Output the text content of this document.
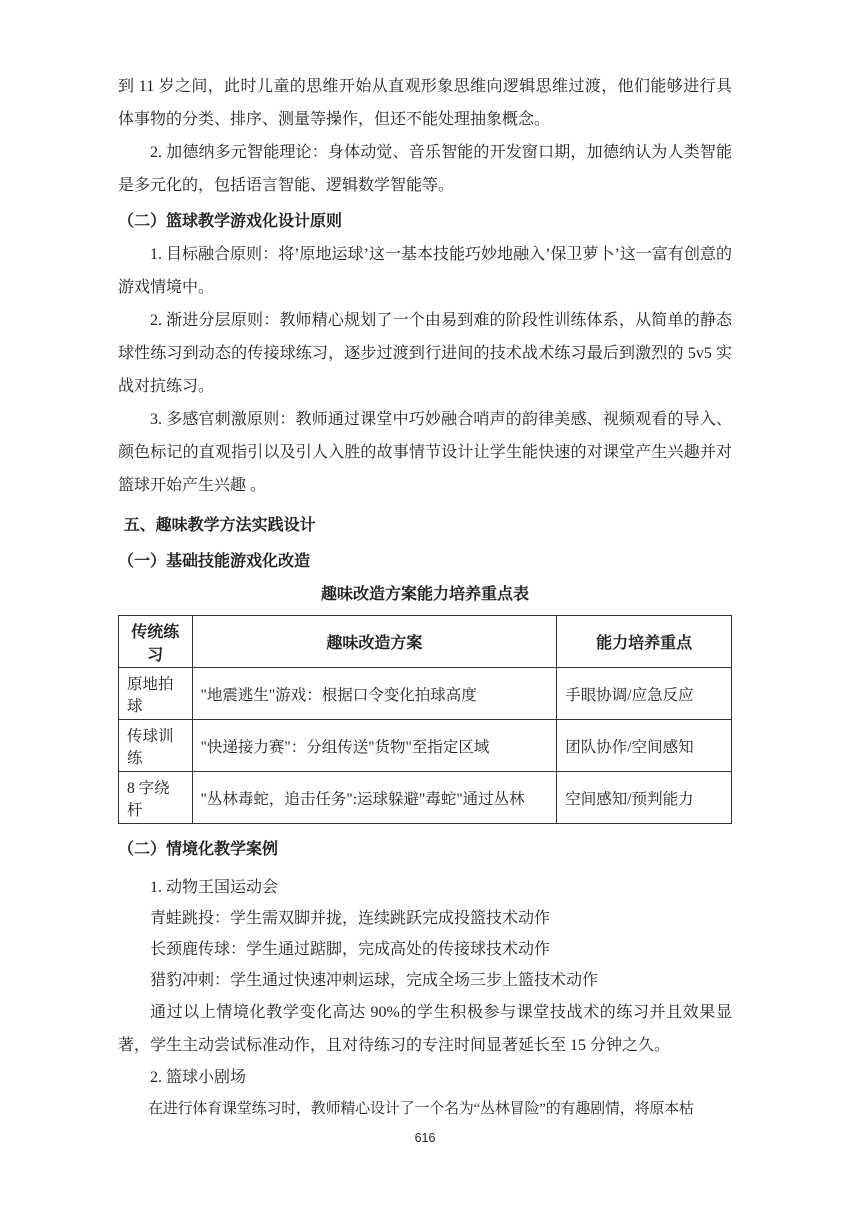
到 11 岁之间，此时儿童的思维开始从直观形象思维向逻辑思维过渡，他们能够进行具体事物的分类、排序、测量等操作，但还不能处理抽象概念。

2. 加德纳多元智能理论：身体动觉、音乐智能的开发窗口期，加德纳认为人类智能是多元化的，包括语言智能、逻辑数学智能等。

（二）篮球教学游戏化设计原则

1. 目标融合原则：将’原地运球’这一基本技能巧妙地融入’保卫萝卜’这一富有创意的游戏情境中。

2. 渐进分层原则：教师精心规划了一个由易到难的阶段性训练体系，从简单的静态球性练习到动态的传接球练习，逐步过渡到行进间的技术战术练习最后到激烈的 5v5 实战对抗练习。

3. 多感官刺激原则：教师通过课堂中巧妙融合哨声的韵律美感、视频观看的导入、颜色标记的直观指引以及引人入胜的故事情节设计让学生能快速的对课堂产生兴趣并对篮球开始产生兴趣 。

五、趣味教学方法实践设计

（一）基础技能游戏化改造

趣味改造方案能力培养重点表

传统练习	趣味改造方案	能力培养重点
原地拍球	"地震逃生"游戏：根据口令变化拍球高度	手眼协调/应急反应
传球训练	"快递接力赛"：分组传送"货物"至指定区域	团队协作/空间感知
8 字绕杆	"丛林毒蛇，追击任务":运球躲避"毒蛇"通过丛林	空间感知/预判能力

（二）情境化教学案例

1. 动物王国运动会

青蛙跳投：学生需双脚并拢，连续跳跃完成投篮技术动作

长颈鹿传球：学生通过踮脚，完成高处的传接球技术动作

猎豹冲刺：学生通过快速冲刺运球，完成全场三步上篮技术动作

通过以上情境化教学变化高达 90%的学生积极参与课堂技战术的练习并且效果显著，学生主动尝试标准动作，且对待练习的专注时间显著延长至 15 分钟之久。

2. 篮球小剧场

在进行体育课堂练习时，教师精心设计了一个名为“丛林冒险”的有趣剧情，将原本枯

616
